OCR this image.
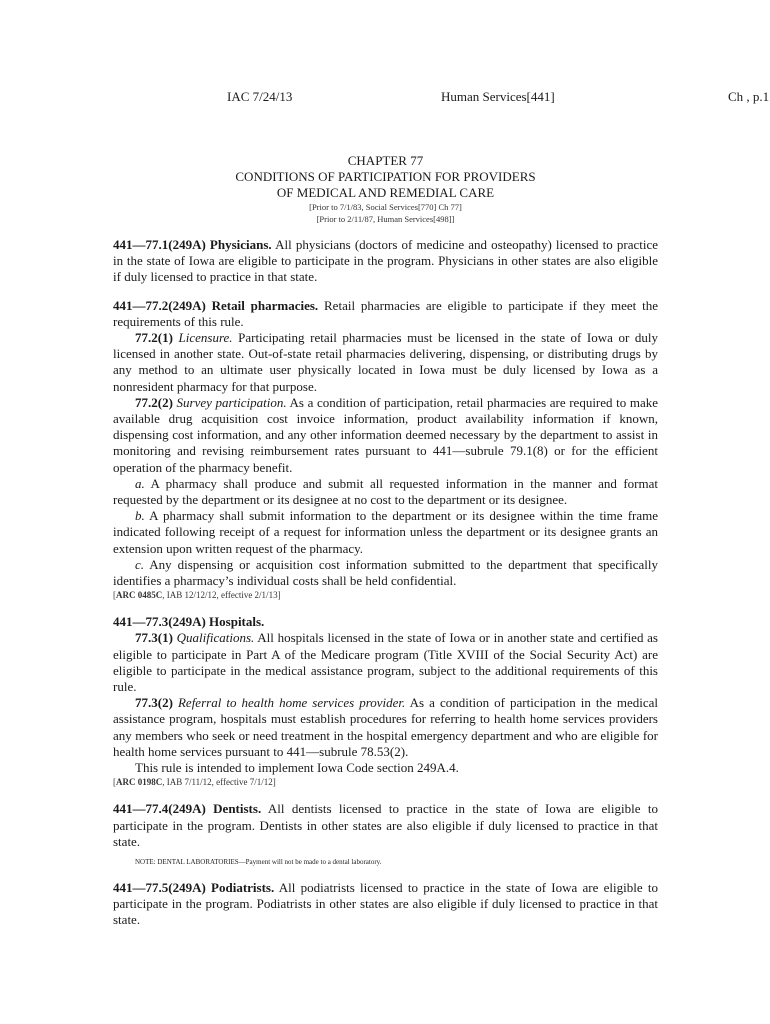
IAC 7/24/13	Human Services[441]	Ch , p.1

CHAPTER 77

CONDITIONS OF PARTICIPATION FOR PROVIDERS

OF MEDICAL AND REMEDIAL CARE

[Prior to 7/1/83, Social Services[770] Ch 77]

[Prior to 2/11/87, Human Services[498]]

441—77.1(249A) Physicians. All physicians (doctors of medicine and osteopathy) licensed to practice in the state of Iowa are eligible to participate in the program. Physicians in other states are also eligible if duly licensed to practice in that state.

441—77.2(249A) Retail pharmacies. Retail pharmacies are eligible to participate if they meet the requirements of this rule.

77.2(1) Licensure. Participating retail pharmacies must be licensed in the state of Iowa or duly licensed in another state. Out-of-state retail pharmacies delivering, dispensing, or distributing drugs by any method to an ultimate user physically located in Iowa must be duly licensed by Iowa as a nonresident pharmacy for that purpose.

77.2(2) Survey participation. As a condition of participation, retail pharmacies are required to make available drug acquisition cost invoice information, product availability information if known, dispensing cost information, and any other information deemed necessary by the department to assist in monitoring and revising reimbursement rates pursuant to 441—subrule 79.1(8) or for the efficient operation of the pharmacy benefit.

a. A pharmacy shall produce and submit all requested information in the manner and format requested by the department or its designee at no cost to the department or its designee.

b. A pharmacy shall submit information to the department or its designee within the time frame indicated following receipt of a request for information unless the department or its designee grants an extension upon written request of the pharmacy.

c. Any dispensing or acquisition cost information submitted to the department that specifically identifies a pharmacy’s individual costs shall be held confidential.

[ARC 0485C, IAB 12/12/12, effective 2/1/13]

441—77.3(249A) Hospitals.

77.3(1) Qualifications. All hospitals licensed in the state of Iowa or in another state and certified as eligible to participate in Part A of the Medicare program (Title XVIII of the Social Security Act) are eligible to participate in the medical assistance program, subject to the additional requirements of this rule.

77.3(2) Referral to health home services provider. As a condition of participation in the medical assistance program, hospitals must establish procedures for referring to health home services providers any members who seek or need treatment in the hospital emergency department and who are eligible for health home services pursuant to 441—subrule 78.53(2).

This rule is intended to implement Iowa Code section 249A.4.

[ARC 0198C, IAB 7/11/12, effective 7/1/12]

441—77.4(249A) Dentists. All dentists licensed to practice in the state of Iowa are eligible to participate in the program. Dentists in other states are also eligible if duly licensed to practice in that state.

NOTE: DENTAL LABORATORIES—Payment will not be made to a dental laboratory.

441—77.5(249A) Podiatrists. All podiatrists licensed to practice in the state of Iowa are eligible to participate in the program. Podiatrists in other states are also eligible if duly licensed to practice in that state.
